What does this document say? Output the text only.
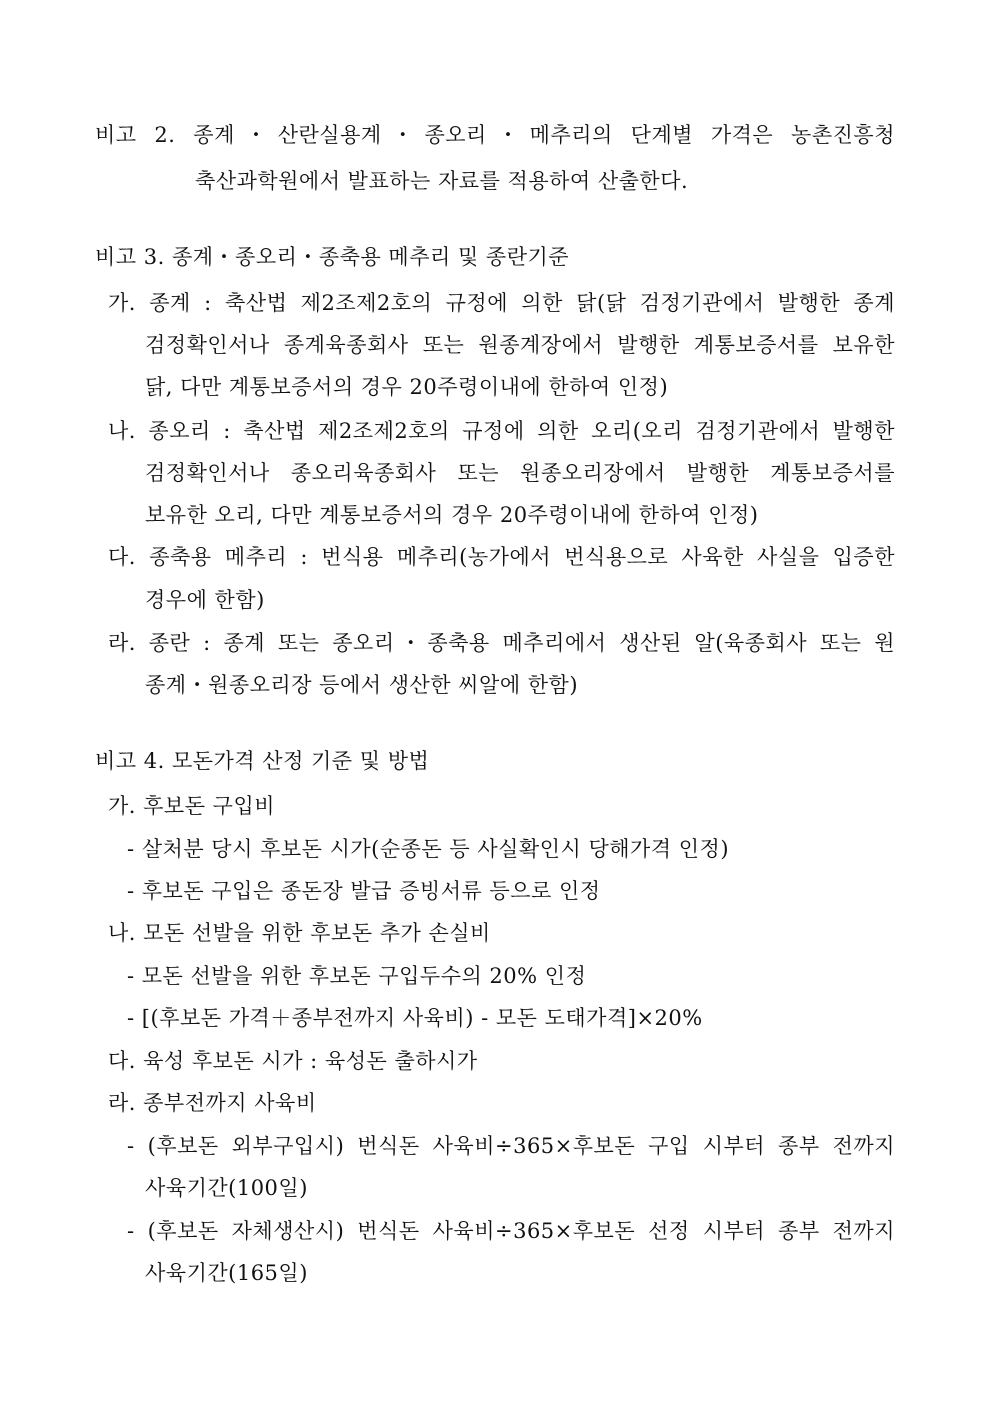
비고 2. 종계・산란실용계・종오리・메추리의 단계별 가격은 농촌진흥청
축산과학원에서 발표하는 자료를 적용하여 산출한다.
비고 3. 종계・종오리・종축용 메추리 및 종란기준
가. 종계 : 축산법 제2조제2호의 규정에 의한 닭(닭 검정기관에서 발행한 종계
검정확인서나 종계육종회사 또는 원종계장에서 발행한 계통보증서를 보유한
닭, 다만 계통보증서의 경우 20주령이내에 한하여 인정)
나. 종오리 : 축산법 제2조제2호의 규정에 의한 오리(오리 검정기관에서 발행한
검정확인서나 종오리육종회사 또는 원종오리장에서 발행한 계통보증서를
보유한 오리, 다만 계통보증서의 경우 20주령이내에 한하여 인정)
다. 종축용 메추리 : 번식용 메추리(농가에서 번식용으로 사육한 사실을 입증한
경우에 한함)
라. 종란 : 종계 또는 종오리・종축용 메추리에서 생산된 알(육종회사 또는 원
종계・원종오리장 등에서 생산한 씨알에 한함)
비고 4. 모돈가격 산정 기준 및 방법
가. 후보돈 구입비
- 살처분 당시 후보돈 시가(순종돈 등 사실확인시 당해가격 인정)
- 후보돈 구입은 종돈장 발급 증빙서류 등으로 인정
나. 모돈 선발을 위한 후보돈 추가 손실비
- 모돈 선발을 위한 후보돈 구입두수의 20% 인정
- [(후보돈 가격＋종부전까지 사육비) - 모돈 도태가격]×20%
다. 육성 후보돈 시가 : 육성돈 출하시가
라. 종부전까지 사육비
- (후보돈 외부구입시) 번식돈 사육비÷365×후보돈 구입 시부터 종부 전까지
사육기간(100일)
- (후보돈 자체생산시) 번식돈 사육비÷365×후보돈 선정 시부터 종부 전까지
사육기간(165일)
